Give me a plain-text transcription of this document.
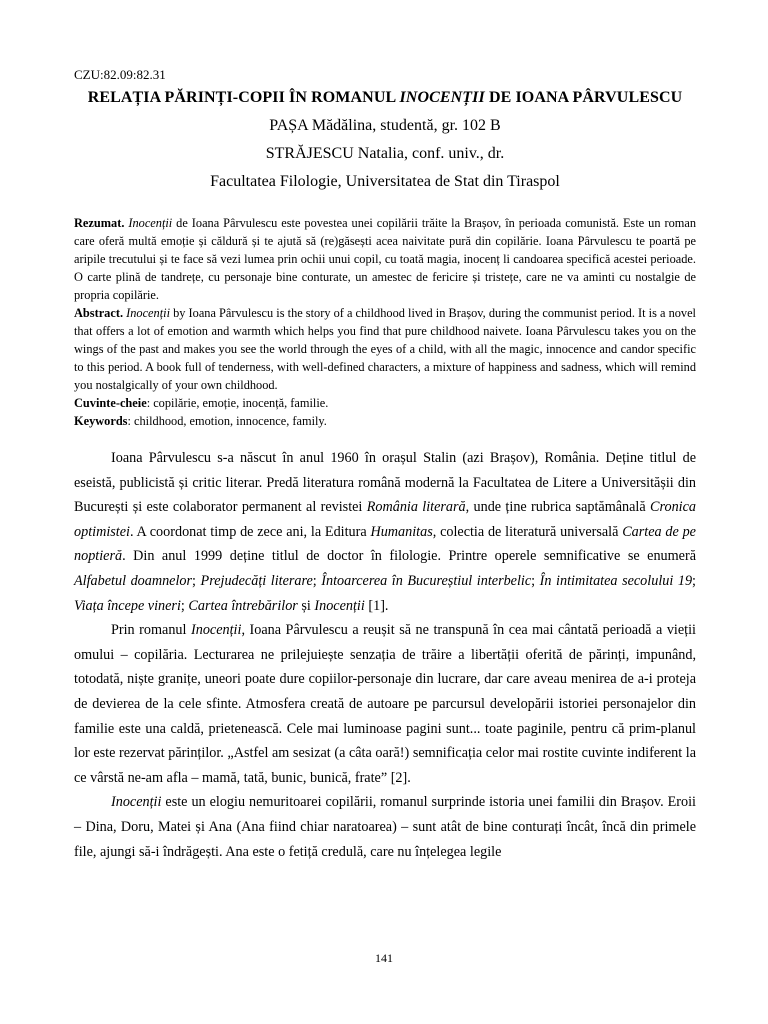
CZU:82.09:82.31

RELAȚIA PĂRINȚI-COPII ÎN ROMANUL INOCENȚII DE IOANA PÂRVULESCU

PAȘA Mădălina, studentă, gr. 102 B

STRĂJESCU Natalia, conf. univ., dr.

Facultatea Filologie, Universitatea de Stat din Tiraspol

Rezumat. Inocenții de Ioana Pârvulescu este povestea unei copilării trăite la Brașov, în perioada comunistă. Este un roman care oferă multă emoție și căldură și te ajută să (re)găsești acea naivitate pură din copilărie. Ioana Pârvulescu te poartă pe aripile trecutului și te face să vezi lumea prin ochii unui copil, cu toată magia, inocenț li candoarea specifică acestei perioade. O carte plină de tandrețe, cu personaje bine conturate, un amestec de fericire și tristețe, care ne va aminti cu nostalgie de propria copilărie.

Abstract. Inocenții by Ioana Pârvulescu is the story of a childhood lived in Brașov, during the communist period. It is a novel that offers a lot of emotion and warmth which helps you find that pure childhood naivete. Ioana Pârvulescu takes you on the wings of the past and makes you see the world through the eyes of a child, with all the magic, innocence and candor specific to this period. A book full of tenderness, with well-defined characters, a mixture of happiness and sadness, which will remind you nostalgically of your own childhood.

Cuvinte-cheie: copilărie, emoție, inocență, familie.

Keywords: childhood, emotion, innocence, family.

Ioana Pârvulescu s-a născut în anul 1960 în orașul Stalin (azi Brașov), România. Deține titlul de eseistă, publicistă și critic literar. Predă literatura română modernă la Facultatea de Litere a Universitășii din București și este colaborator permanent al revistei România literară, unde ține rubrica saptămânală Cronica optimistei. A coordonat timp de zece ani, la Editura Humanitas, colectia de literatură universală Cartea de pe noptieră. Din anul 1999 deține titlul de doctor în filologie. Printre operele semnificative se enumeră Alfabetul doamnelor; Prejudecăți literare; Întoarcerea în Bucureștiul interbelic; În intimitatea secolului 19; Viața începe vineri; Cartea întrebărilor și Inocenții [1].

Prin romanul Inocenții, Ioana Pârvulescu a reușit să ne transpună în cea mai cântată perioadă a vieții omului – copilăria. Lecturarea ne prilejuiește senzația de trăire a libertății oferită de părinți, impunând, totodată, niște granițe, uneori poate dure copiilor-personaje din lucrare, dar care aveau menirea de a-i proteja de devierea de la cele sfinte. Atmosfera creată de autoare pe parcursul developării istoriei personajelor din familie este una caldă, prietenească. Cele mai luminoase pagini sunt... toate paginile, pentru că prim-planul lor este rezervat părinților. „Astfel am sesizat (a câta oară!) semnificația celor mai rostite cuvinte indiferent la ce vârstă ne-am afla – mamă, tată, bunic, bunică, frate” [2].

Inocenții este un elogiu nemuritoarei copilării, romanul surprinde istoria unei familii din Brașov. Eroii – Dina, Doru, Matei și Ana (Ana fiind chiar naratoarea) – sunt atât de bine conturați încât, încă din primele file, ajungi să-i îndrăgești. Ana este o fetiță credulă, care nu înțelegea legile

141
